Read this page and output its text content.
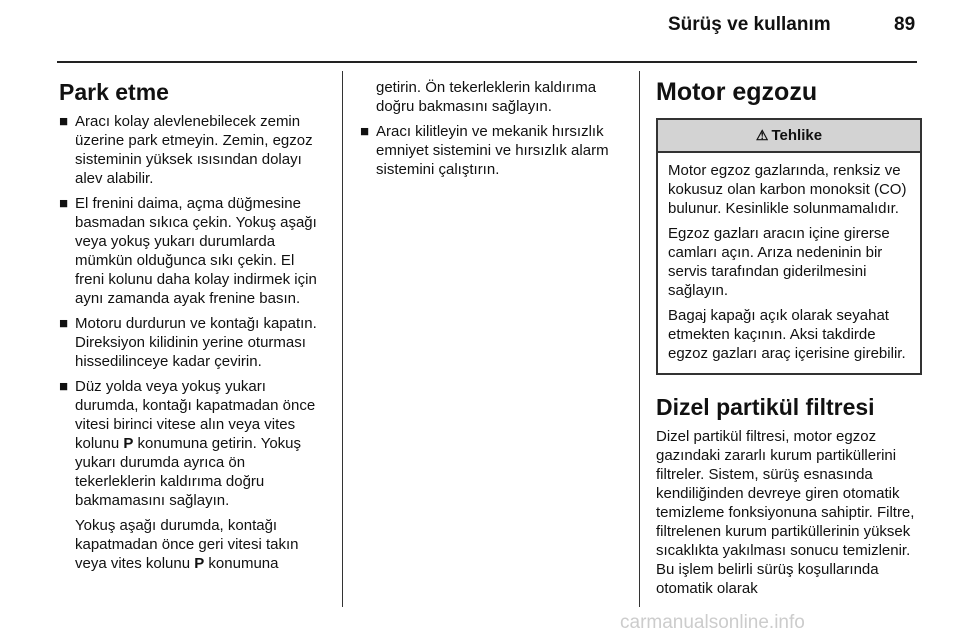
Sürüş ve kullanım	89
Park etme
■ Aracı kolay alevlenebilecek zemin üzerine park etmeyin. Zemin, egzoz sisteminin yüksek ısısından dolayı alev alabilir.
■ El frenini daima, açma düğmesine basmadan sıkıca çekin. Yokuş aşağı veya yokuş yukarı durumlarda mümkün olduğunca sıkı çekin. El freni kolunu daha kolay indirmek için aynı zamanda ayak frenine basın.
■ Motoru durdurun ve kontağı kapatın. Direksiyon kilidinin yerine oturması hissedilinceye kadar çevirin.
■ Düz yolda veya yokuş yukarı durumda, kontağı kapatmadan önce vitesi birinci vitese alın veya vites kolunu P konumuna getirin. Yokuş yukarı durumda ayrıca ön tekerleklerin kaldırıma doğru bakmamasını sağlayın.

Yokuş aşağı durumda, kontağı kapatmadan önce geri vitesi takın veya vites kolunu P konumuna

getirin. Ön tekerleklerin kaldırıma doğru bakmasını sağlayın.

■ Aracı kilitleyin ve mekanik hırsızlık emniyet sistemini ve hırsızlık alarm sistemini çalıştırın.
Motor egzozu
⚠ Tehlike

Motor egzoz gazlarında, renksiz ve kokusuz olan karbon monoksit (CO) bulunur. Kesinlikle solunmamalıdır.

Egzoz gazları aracın içine girerse camları açın. Arıza nedeninin bir servis tarafından giderilmesini sağlayın.

Bagaj kapağı açık olarak seyahat etmekten kaçının. Aksi takdirde egzoz gazları araç içerisine girebilir.

Dizel partikül filtresi

Dizel partikül filtresi, motor egzoz gazındaki zararlı kurum partiküllerini filtreler. Sistem, sürüş esnasında kendiliğinden devreye giren otomatik temizleme fonksiyonuna sahiptir. Filtre, filtrelenen kurum partiküllerinin yüksek sıcaklıkta yakılması sonucu temizlenir. Bu işlem belirli sürüş koşullarında otomatik olarak

carmanualsonline.info
